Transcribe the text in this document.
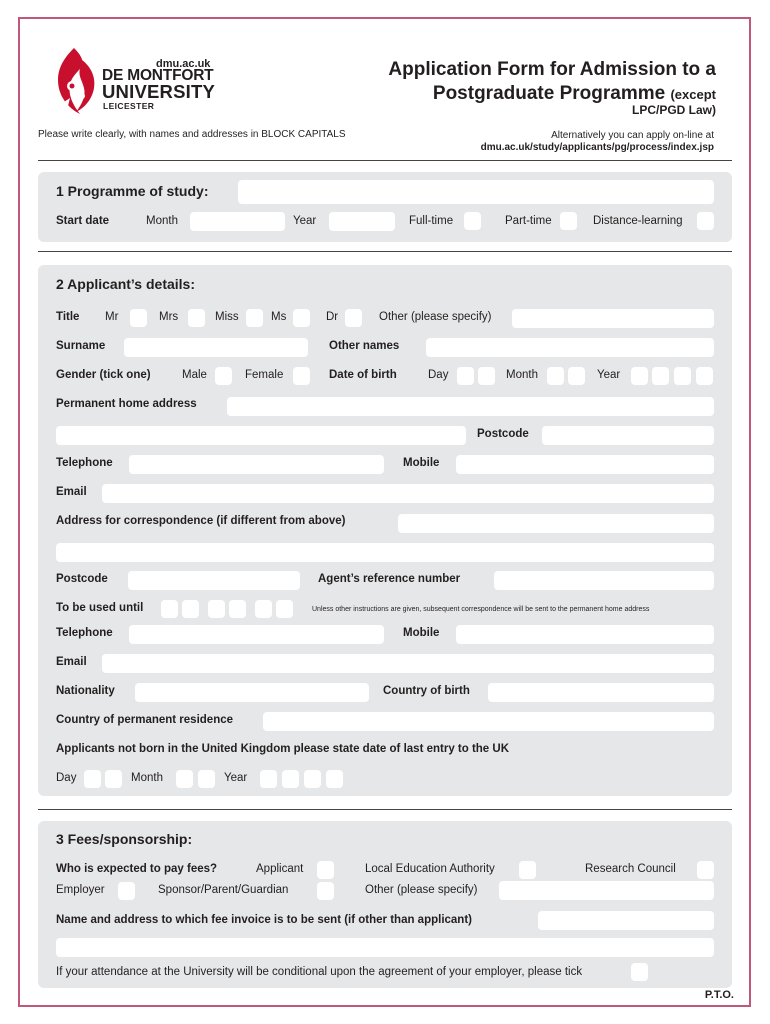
dmu.ac.uk
DE MONTFORT
UNIVERSITY
LEICESTER
Application Form for Admission to a
Postgraduate Programme (except
LPC/PGD Law)
Please write clearly, with names and addresses in BLOCK CAPITALS	Alternatively you can apply on-line at
dmu.ac.uk/study/applicants/pg/process/index.jsp
1 Programme of study:
Start date	Month	Year	Full-time	Part-time	Distance-learning
2 Applicant’s details:
Title Mr	Mrs	Miss	Ms	Dr	Other (please specify)
Surname	Other names
Gender (tick one)	Male	Female	Date of birth	Day	Month	Year
Permanent home address
Postcode
Telephone	Mobile
Email
Address for correspondence (if different from above)
Postcode	Agent’s reference number
To be used until	Unless other instructions are given, subsequent correspondence will be sent to the permanent home address
Telephone	Mobile
Email
Nationality	Country of birth
Country of permanent residence
Applicants not born in the United Kingdom please state date of last entry to the UK
Day	Month	Year
3 Fees/sponsorship:
Who is expected to pay fees?	Applicant	Local Education Authority	Research Council
Employer	Sponsor/Parent/Guardian	Other (please specify)
Name and address to which fee invoice is to be sent (if other than applicant)
If your attendance at the University will be conditional upon the agreement of your employer, please tick
P.T.O.
